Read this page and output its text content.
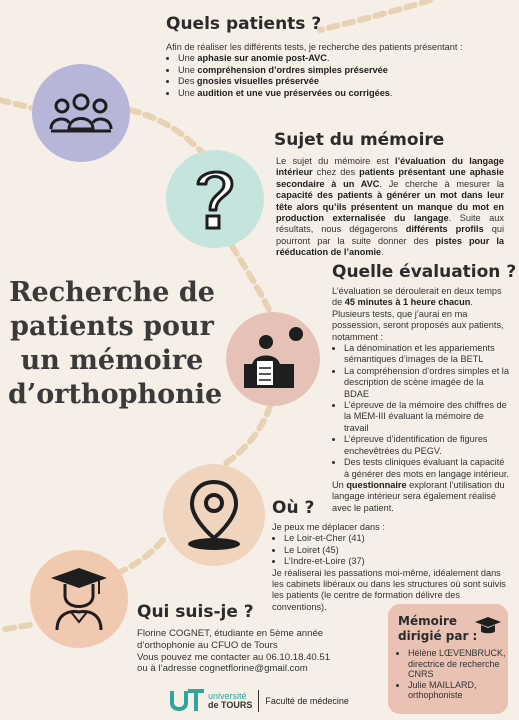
Quels patients ?
Afin de réaliser les différents tests, je recherche des patients présentant :
• Une aphasie sur anomie post-AVC.
• Une compréhension d’ordres simples préservée
• Des gnosies visuelles préservée
• Une audition et une vue préservées ou corrigées.
Sujet du mémoire
Le sujet du mémoire est l’évaluation du langage intérieur chez des patients présentant une aphasie secondaire à un AVC. Je cherche à mesurer la capacité des patients à générer un mot dans leur tête alors qu’ils présentent un manque du mot en production externalisée du langage. Suite aux résultats, nous dégagerons différents profils qui pourront par la suite donner des pistes pour la rééducation de l’anomie.
Recherche de
patients pour
un mémoire
d’orthophonie
Quelle évaluation ?
L’évaluation se déroulerait en deux temps de 45 minutes à 1 heure chacun. Plusieurs tests, que j’aurai en ma possession, seront proposés aux patients, notamment :
• La dénomination et les appariements sémantiques d’images de la BETL
• La compréhension d’ordres simples et la description de scène imagée de la BDAE
• L’épreuve de la mémoire des chiffres de la MEM-III évaluant la mémoire de travail
• L’épreuve d’identification de figures enchevêtrées du PEGV.
• Des tests cliniques évaluant la capacité à générer des mots en langage intérieur.
Un questionnaire explorant l’utilisation du langage intérieur sera également réalisé avec le patient.
Où ?
Je peux me déplacer dans :
• Le Loir-et-Cher (41)
• Le Loiret (45)
• L’Indre-et-Loire (37)
Je réaliserai les passations moi-même, idéalement dans les cabinets libéraux ou dans les structures où sont suivis les patients (le centre de formation délivre des conventions).
Qui suis-je ?
Florine COGNET, étudiante en 5ème année
d’orthophonie au CFUO de Tours
Vous pouvez me contacter au 06.10.18.40.51
ou à l’adresse cognetflorine@gmail.com
Mémoire
dirigié par :
• Hélène LŒVENBRUCK, directrice de recherche CNRS
• Julie MAILLARD, orthophoniste
université
de TOURS Faculté de médecine
